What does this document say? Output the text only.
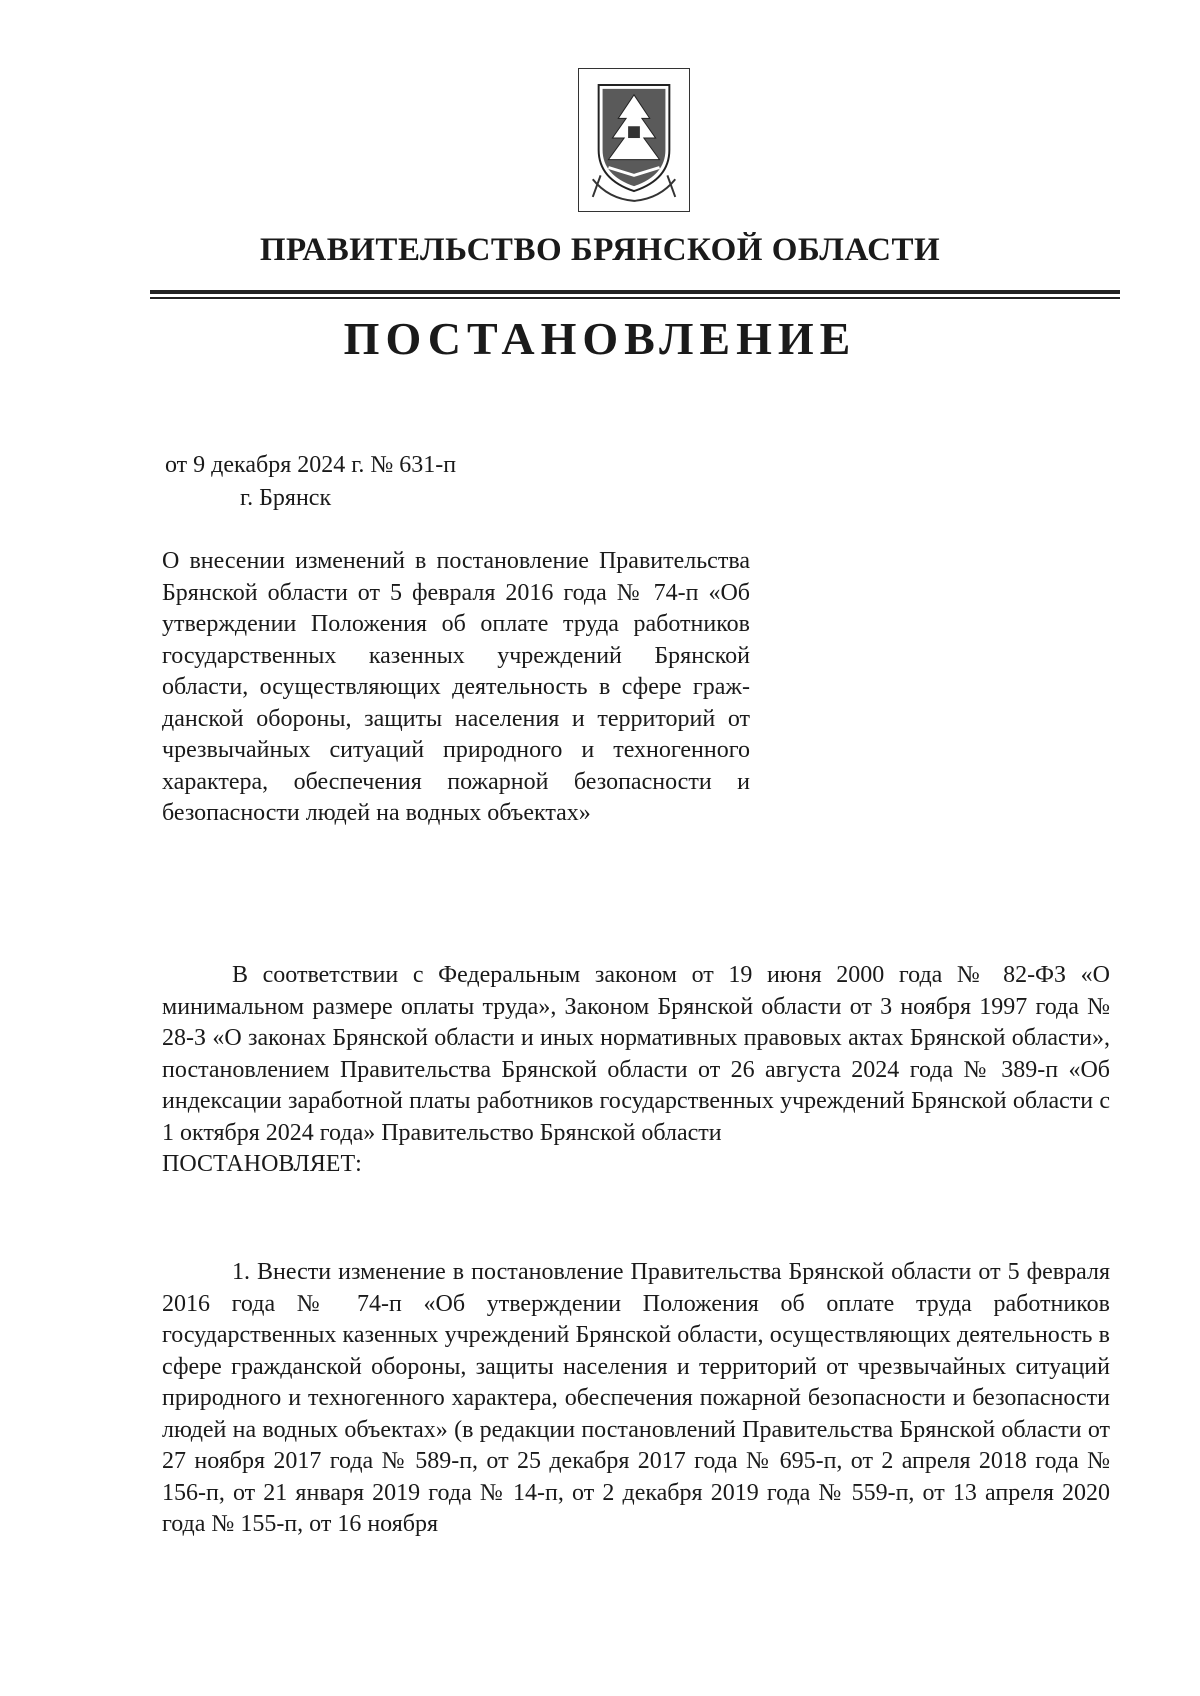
ПРАВИТЕЛЬСТВО БРЯНСКОЙ ОБЛАСТИ
ПОСТАНОВЛЕНИЕ
от 9 декабря 2024 г. № 631-п
г. Брянск
О внесении изменений в постановление Правительства Брянской области от 5 февраля 2016 года № 74-п «Об утверждении Положения об оплате труда работников государственных казенных учреждений Брянской области, осуществляющих деятельность в сфере гражданской обороны, защиты населения и территорий от чрезвычайных ситуаций природного и техногенного характера, обеспечения пожарной безопасности и безопасности людей на водных объектах»
В соответствии с Федеральным законом от 19 июня 2000 года № 82-ФЗ «О минимальном размере оплаты труда», Законом Брянской области от 3 ноября 1997 года № 28-З «О законах Брянской области и иных нормативных правовых актах Брянской области», постановлением Правительства Брянской области от 26 августа 2024 года № 389-п «Об индексации заработной платы работников государственных учреждений Брянской области с 1 октября 2024 года» Правительство Брянской области
ПОСТАНОВЛЯЕТ:
1. Внести изменение в постановление Правительства Брянской области от 5 февраля 2016 года № 74-п «Об утверждении Положения об оплате труда работников государственных казенных учреждений Брянской области, осуществляющих деятельность в сфере гражданской обороны, защиты населения и территорий от чрезвычайных ситуаций природного и техногенного характера, обеспечения пожарной безопасности и безопасности людей на водных объектах» (в редакции постановлений Правительства Брянской области от 27 ноября 2017 года № 589-п, от 25 декабря 2017 года № 695-п, от 2 апреля 2018 года № 156-п, от 21 января 2019 года № 14-п, от 2 декабря 2019 года № 559-п, от 13 апреля 2020 года № 155-п, от 16 ноября
